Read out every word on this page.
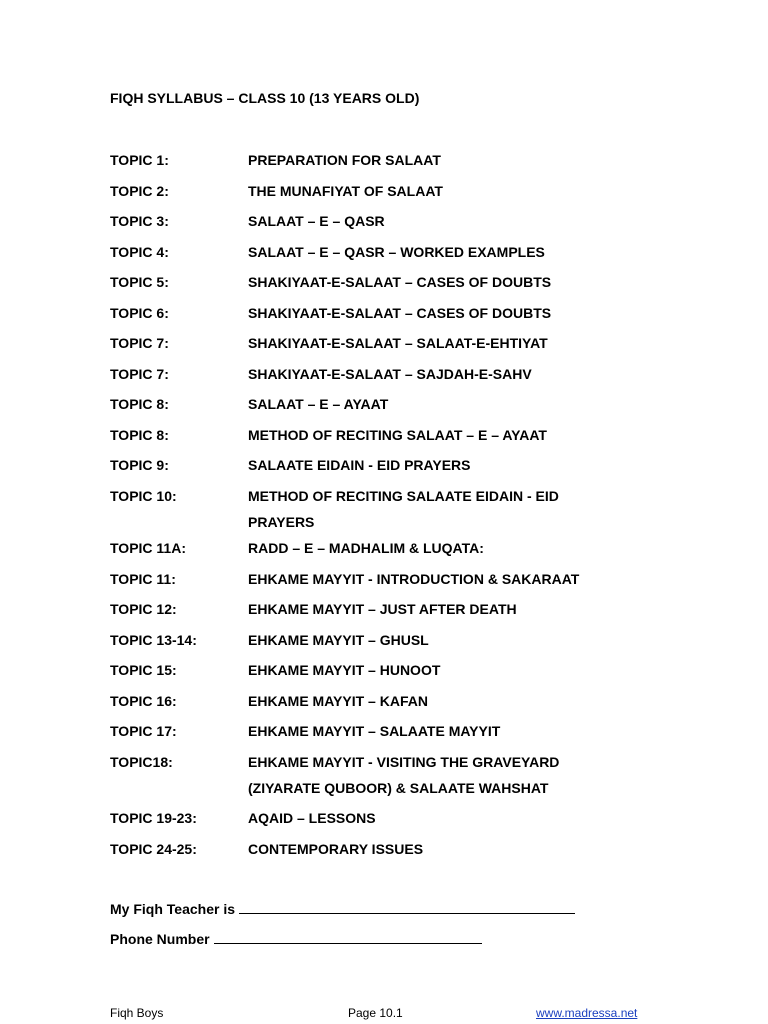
FIQH SYLLABUS – CLASS 10 (13 YEARS OLD)
TOPIC 1:	PREPARATION FOR SALAAT
TOPIC 2:	THE MUNAFIYAT OF SALAAT
TOPIC 3:	SALAAT – E – QASR
TOPIC 4:	SALAAT – E – QASR – WORKED EXAMPLES
TOPIC 5:	SHAKIYAAT-E-SALAAT – CASES OF DOUBTS
TOPIC 6:	SHAKIYAAT-E-SALAAT – CASES OF DOUBTS
TOPIC 7:	SHAKIYAAT-E-SALAAT – SALAAT-E-EHTIYAT
TOPIC 7:	SHAKIYAAT-E-SALAAT – SAJDAH-E-SAHV
TOPIC 8:	SALAAT – E – AYAAT
TOPIC 8:	METHOD OF RECITING SALAAT – E – AYAAT
TOPIC 9:	SALAATE EIDAIN - EID PRAYERS
TOPIC 10:	METHOD OF RECITING SALAATE EIDAIN - EID
PRAYERS
TOPIC 11A:	RADD – E – MADHALIM & LUQATA:
TOPIC 11:	EHKAME MAYYIT - INTRODUCTION & SAKARAAT
TOPIC 12:	EHKAME MAYYIT – JUST AFTER DEATH
TOPIC 13-14:	EHKAME MAYYIT – GHUSL
TOPIC 15:	EHKAME MAYYIT – HUNOOT
TOPIC 16:	EHKAME MAYYIT – KAFAN
TOPIC 17:	EHKAME MAYYIT – SALAATE MAYYIT
TOPIC18:	EHKAME MAYYIT - VISITING THE GRAVEYARD
(ZIYARATE QUBOOR) & SALAATE WAHSHAT
TOPIC 19-23:	AQAID – LESSONS
TOPIC 24-25:	CONTEMPORARY ISSUES
My Fiqh Teacher is
Phone Number
Fiqh Boys	Page 10.1	www.madressa.net
